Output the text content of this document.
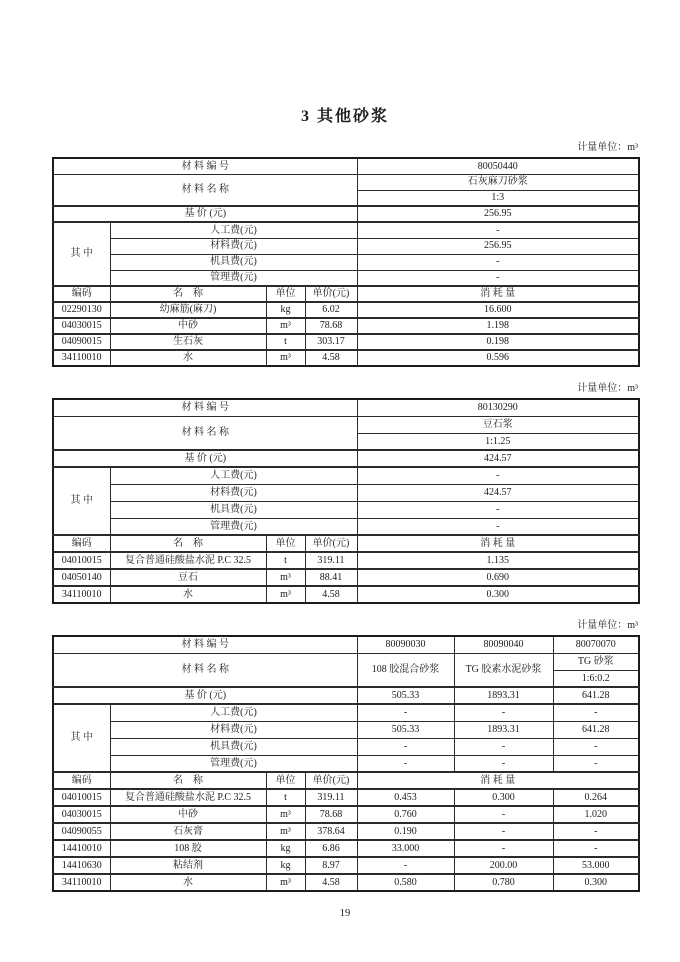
3 其他砂浆
计量单位：m³
材 料 编 号				80050440
材 料 名 称				石灰麻刀砂浆
				1:3
基 价 (元)				256.95
其 中	人工费(元)			-
	材料费(元)			256.95
	机具费(元)			-
	管理费(元)			-
编码	名　称	单位	单价(元)	消 耗 量
02290130	幼麻筋(麻刀)	kg	6.02	16.600
04030015	中砂	m³	78.68	1.198
04090015	生石灰	t	303.17	0.198
34110010	水	m³	4.58	0.596
计量单位：m³
材 料 编 号				80130290
材 料 名 称				豆石浆
				1:1.25
基 价 (元)				424.57
其 中	人工费(元)			-
	材料费(元)			424.57
	机具费(元)			-
	管理费(元)			-
编码	名　称	单位	单价(元)	消 耗 量
04010015	复合普通硅酸盐水泥 P.C 32.5	t	319.11	1.135
04050140	豆石	m³	88.41	0.690
34110010	水	m³	4.58	0.300
计量单位：m³
材 料 编 号				80090030	80090040	80070070
材 料 名 称				108 胶混合砂浆	TG 胶素水泥砂浆	TG 砂浆
						1:6:0.2
基 价 (元)				505.33	1893.31	641.28
其 中	人工费(元)			-	-	-
	材料费(元)			505.33	1893.31	641.28
	机具费(元)			-	-	-
	管理费(元)			-	-	-
编码	名　称	单位	单价(元)	消 耗 量		
04010015	复合普通硅酸盐水泥 P.C 32.5	t	319.11	0.453	0.300	0.264
04030015	中砂	m³	78.68	0.760	-	1.020
04090055	石灰膏	m³	378.64	0.190	-	-
14410010	108 胶	kg	6.86	33.000	-	-
14410630	粘结剂	kg	8.97	-	200.00	53.000
34110010	水	m³	4.58	0.580	0.780	0.300
19
